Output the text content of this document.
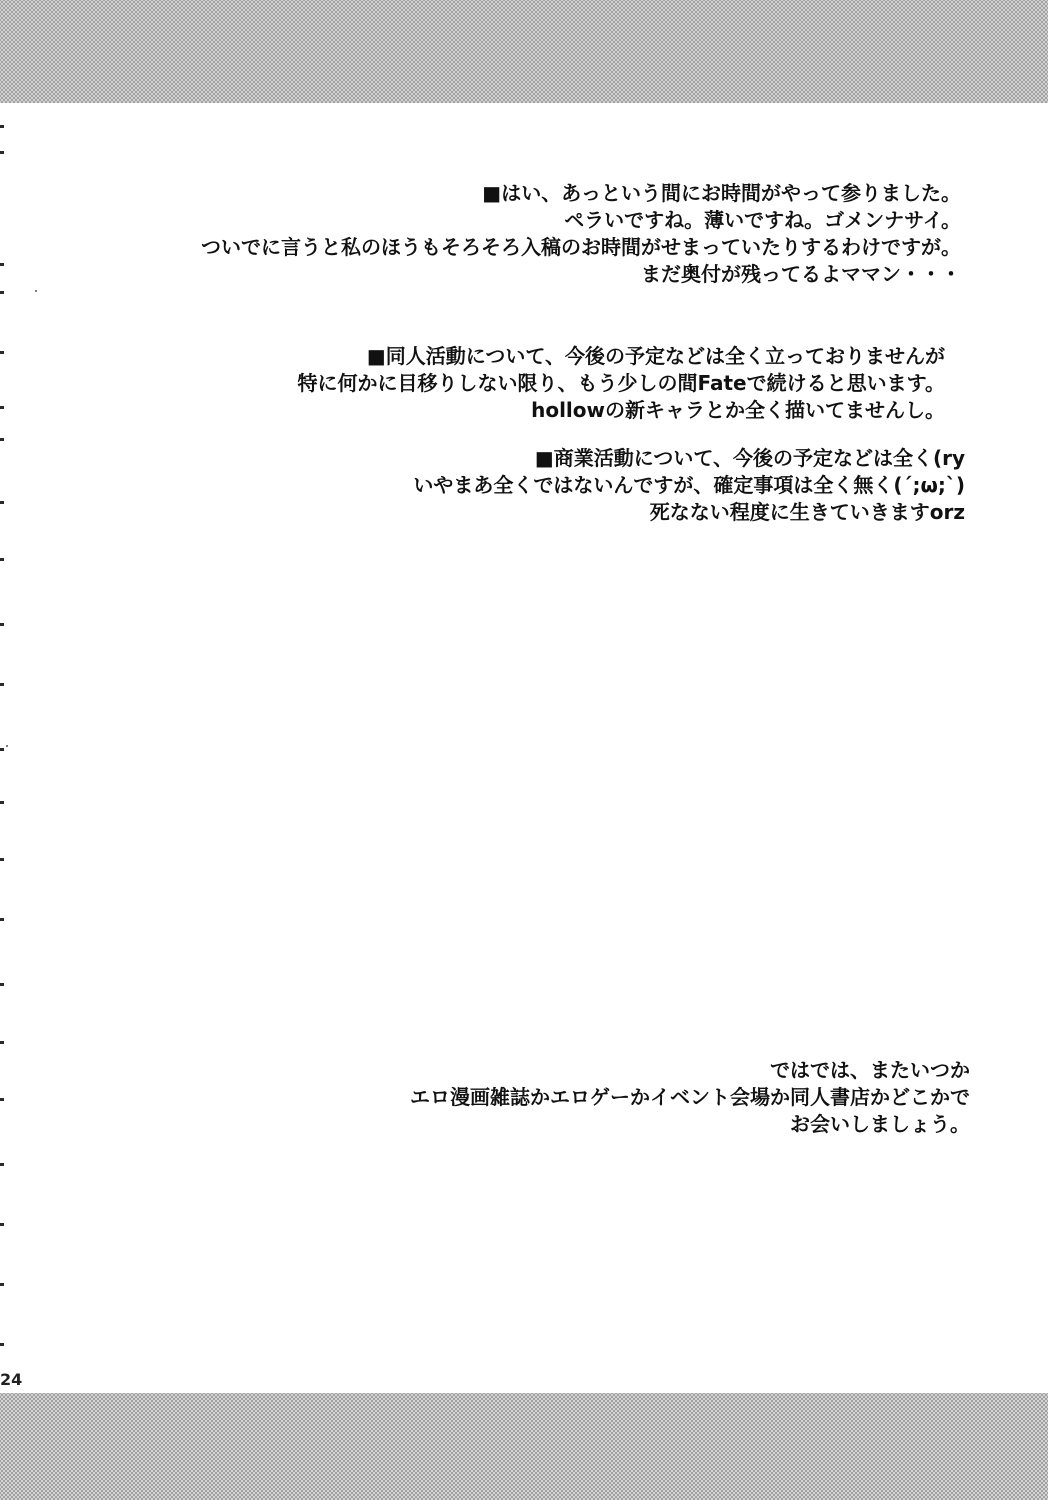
■はい、あっという間にお時間がやって参りました。
ペラいですね。薄いですね。ゴメンナサイ。
ついでに言うと私のほうもそろそろ入稿のお時間がせまっていたりするわけですが。
まだ奥付が残ってるよママン・・・
■同人活動について、今後の予定などは全く立っておりませんが
特に何かに目移りしない限り、もう少しの間Fateで続けると思います。
hollowの新キャラとか全く描いてませんし。
■商業活動について、今後の予定などは全く(ry
いやまあ全くではないんですが、確定事項は全く無く(´;ω;`)
死なない程度に生きていきますorz
ではでは、またいつか
エロ漫画雑誌かエロゲーかイベント会場か同人書店かどこかで
お会いしましょう。
24
